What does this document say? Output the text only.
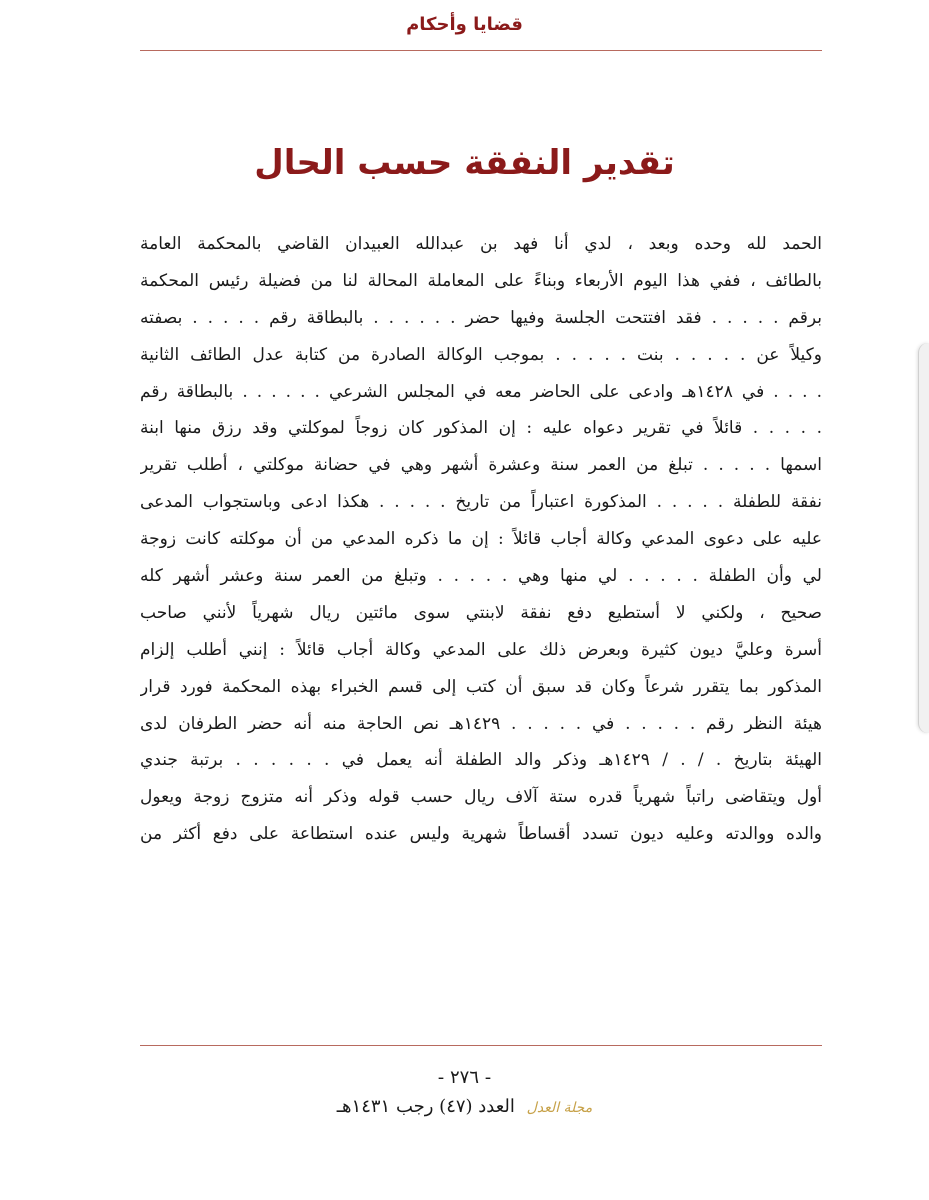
قضايا وأحكام
تقدير النفقة حسب الحال
الحمد لله وحده وبعد ، لدي أنا فهد بن عبدالله العبيدان القاضي بالمحكمة العامة
بالطائف ، ففي هذا اليوم الأربعاء وبناءً على المعاملة المحالة لنا من فضيلة رئيس المحكمة
برقم . . . . . فقد افتتحت الجلسة وفيها حضر . . . . . . بالبطاقة رقم . . . . . بصفته
وكيلاً عن . . . . . بنت . . . . . بموجب الوكالة الصادرة من كتابة عدل الطائف الثانية
. . . . في ١٤٢٨هـ وادعى على الحاضر معه في المجلس الشرعي . . . . . . بالبطاقة رقم
. . . . . قائلاً في تقرير دعواه عليه : إن المذكور كان زوجاً لموكلتي وقد رزق منها ابنة
اسمها . . . . . تبلغ من العمر سنة وعشرة أشهر وهي في حضانة موكلتي ، أطلب تقرير
نفقة للطفلة . . . . . المذكورة اعتباراً من تاريخ . . . . . هكذا ادعى وباستجواب المدعى
عليه على دعوى المدعي وكالة أجاب قائلاً : إن ما ذكره المدعي من أن موكلته كانت زوجة
لي وأن الطفلة . . . . . لي منها وهي . . . . . وتبلغ من العمر سنة وعشر أشهر كله
صحيح ، ولكني لا أستطيع دفع نفقة لابنتي سوى مائتين ريال شهرياً لأنني صاحب
أسرة وعليَّ ديون كثيرة وبعرض ذلك على المدعي وكالة أجاب قائلاً : إنني أطلب إلزام
المذكور بما يتقرر شرعاً وكان قد سبق أن كتب إلى قسم الخبراء بهذه المحكمة فورد قرار
هيئة النظر رقم . . . . . في . . . . . ١٤٢٩هـ نص الحاجة منه أنه حضر الطرفان لدى
الهيئة بتاريخ . / . / ١٤٢٩هـ وذكر والد الطفلة أنه يعمل في . . . . . . برتبة جندي
أول ويتقاضى راتباً شهرياً قدره ستة آلاف ريال حسب قوله وذكر أنه متزوج زوجة ويعول
والده ووالدته وعليه ديون تسدد أقساطاً شهرية وليس عنده استطاعة على دفع أكثر من
- ٢٧٦ -
مجلة العدل العدد (٤٧) رجب ١٤٣١هـ
